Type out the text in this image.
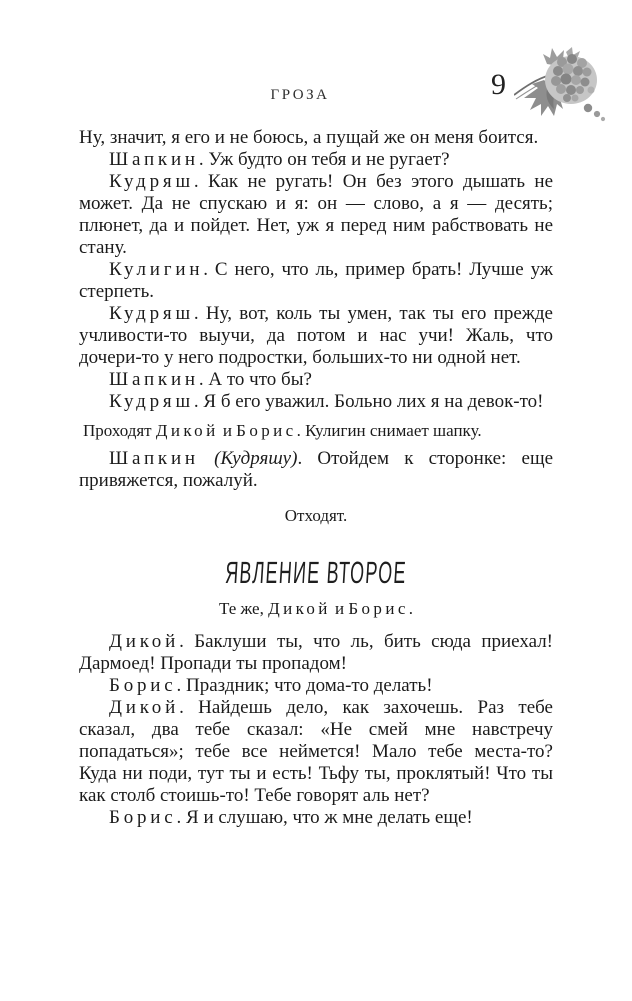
ГРОЗА	9

Ну, значит, я его и не боюсь, а пущай же он меня боится.

Шапкин. Уж будто он тебя и не ругает?

Кудряш. Как не ругать! Он без этого дышать не может. Да не спускаю и я: он — слово, а я — десять; плюнет, да и пойдет. Нет, уж я перед ним рабствовать не стану.

Кулигин. С него, что ль, пример брать! Лучше уж стерпеть.

Кудряш. Ну, вот, коль ты умен, так ты его прежде учливости-то выучи, да потом и нас учи! Жаль, что дочери-то у него подростки, больших-то ни одной нет.

Шапкин. А то что бы?

Кудряш. Я б его уважил. Больно лих я на девок-то!

Проходят Дикой и Борис. Кулигин снимает шапку.

Шапкин (Кудряшу). Отойдем к сторонке: еще привяжется, пожалуй.

Отходят.

ЯВЛЕНИЕ ВТОРОЕ

Те же, Дикой и Борис.

Дикой. Баклуши ты, что ль, бить сюда приехал! Дармоед! Пропади ты пропадом!

Борис. Праздник; что дома-то делать!

Дикой. Найдешь дело, как захочешь. Раз тебе сказал, два тебе сказал: «Не смей мне навстречу попадаться»; тебе все неймется! Мало тебе места-то? Куда ни поди, тут ты и есть! Тьфу ты, проклятый! Что ты как столб стоишь-то! Тебе говорят аль нет?

Борис. Я и слушаю, что ж мне делать еще!
